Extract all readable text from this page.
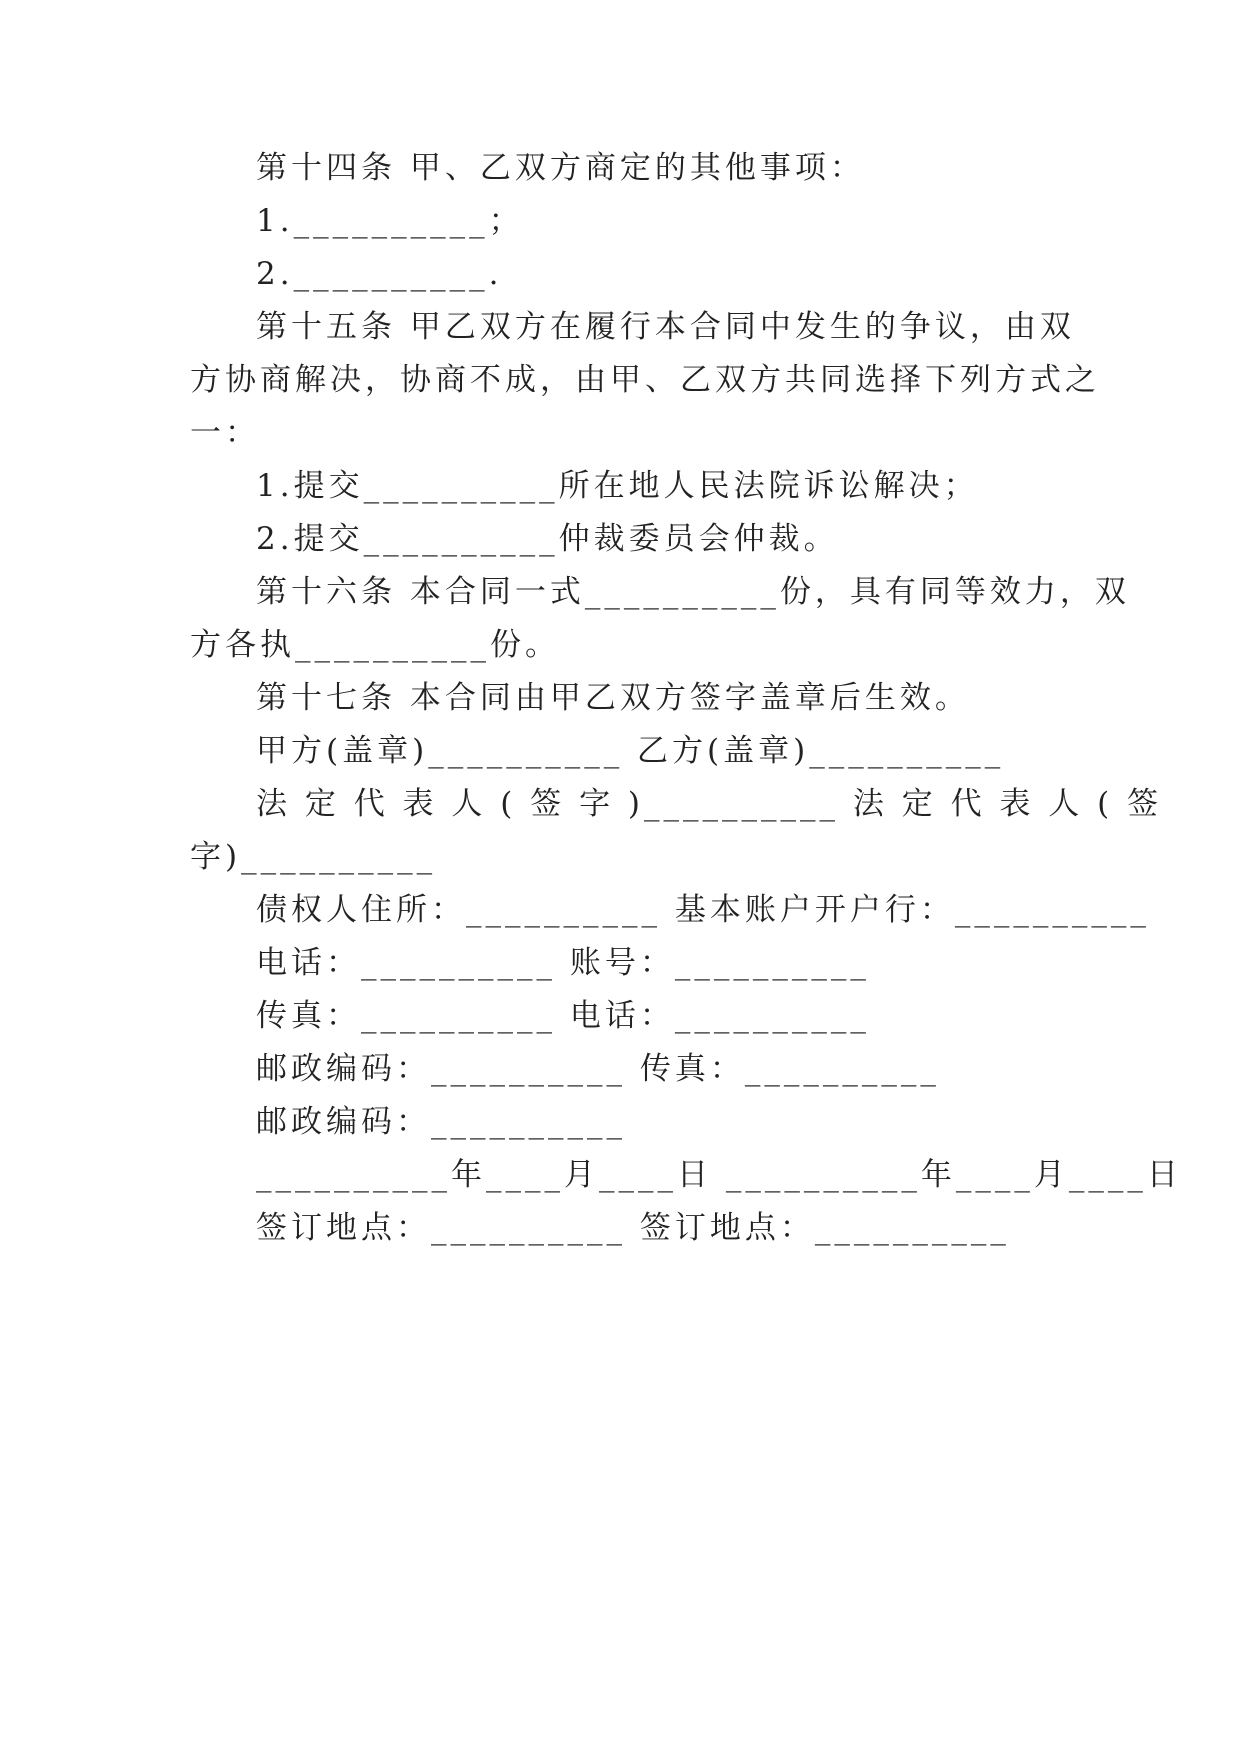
第十四条 甲、乙双方商定的其他事项：
1.__________；
2.__________.
第十五条 甲乙双方在履行本合同中发生的争议，由双
方协商解决，协商不成，由甲、乙双方共同选择下列方式之
一：
1.提交__________所在地人民法院诉讼解决；
2.提交__________仲裁委员会仲裁。
第十六条 本合同一式__________份，具有同等效力，双
方各执__________份。
第十七条 本合同由甲乙双方签字盖章后生效。
甲方(盖章)__________ 乙方(盖章)__________
法 定 代 表 人 ( 签 字 )__________ 法 定 代 表 人 ( 签
字)__________
债权人住所：__________ 基本账户开户行：__________
电话：__________ 账号：__________
传真：__________ 电话：__________
邮政编码：__________ 传真：__________
邮政编码：__________
__________年____月____日 __________年____月____日
签订地点：__________ 签订地点：__________
